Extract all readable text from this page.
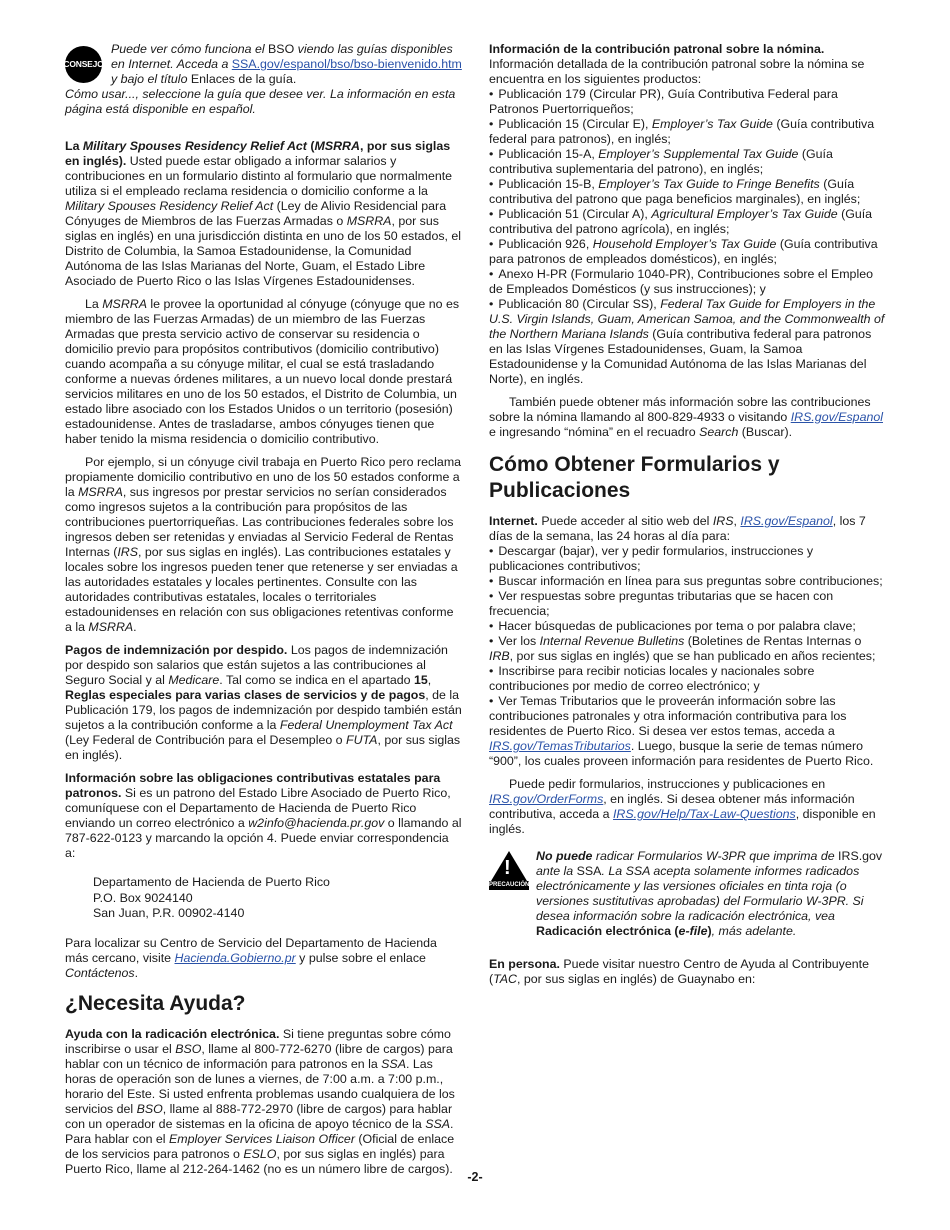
CONSEJO

Puede ver cómo funciona el BSO viendo las guías disponibles en Internet. Acceda a SSA.gov/espanol/bso/bso-bienvenido.htm y bajo el título Enlaces de la guía.

Cómo usar..., seleccione la guía que desee ver. La información en esta página está disponible en español.

La Military Spouses Residency Relief Act (MSRRA, por sus siglas en inglés). Usted puede estar obligado a informar salarios y contribuciones en un formulario distinto al formulario que normalmente utiliza si el empleado reclama residencia o domicilio conforme a la Military Spouses Residency Relief Act (Ley de Alivio Residencial para Cónyuges de Miembros de las Fuerzas Armadas o MSRRA, por sus siglas en inglés) en una jurisdicción distinta en uno de los 50 estados, el Distrito de Columbia, la Samoa Estadounidense, la Comunidad Autónoma de las Islas Marianas del Norte, Guam, el Estado Libre Asociado de Puerto Rico o las Islas Vírgenes Estadounidenses.

La MSRRA le provee la oportunidad al cónyuge (cónyuge que no es miembro de las Fuerzas Armadas) de un miembro de las Fuerzas Armadas que presta servicio activo de conservar su residencia o domicilio previo para propósitos contributivos (domicilio contributivo) cuando acompaña a su cónyuge militar, el cual se está trasladando conforme a nuevas órdenes militares, a un nuevo local donde prestará servicios militares en uno de los 50 estados, el Distrito de Columbia, un estado libre asociado con los Estados Unidos o un territorio (posesión) estadounidense. Antes de trasladarse, ambos cónyuges tienen que haber tenido la misma residencia o domicilio contributivo.

Por ejemplo, si un cónyuge civil trabaja en Puerto Rico pero reclama propiamente domicilio contributivo en uno de los 50 estados conforme a la MSRRA, sus ingresos por prestar servicios no serían considerados como ingresos sujetos a la contribución para propósitos de las contribuciones puertorriqueñas. Las contribuciones federales sobre los ingresos deben ser retenidas y enviadas al Servicio Federal de Rentas Internas (IRS, por sus siglas en inglés). Las contribuciones estatales y locales sobre los ingresos pueden tener que retenerse y ser enviadas a las autoridades estatales y locales pertinentes. Consulte con las autoridades contributivas estatales, locales o territoriales estadounidenses en relación con sus obligaciones retentivas conforme a la MSRRA.

Pagos de indemnización por despido. Los pagos de indemnización por despido son salarios que están sujetos a las contribuciones al Seguro Social y al Medicare. Tal como se indica en el apartado 15, Reglas especiales para varias clases de servicios y de pagos, de la Publicación 179, los pagos de indemnización por despido también están sujetos a la contribución conforme a la Federal Unemployment Tax Act (Ley Federal de Contribución para el Desempleo o FUTA, por sus siglas en inglés).

Información sobre las obligaciones contributivas estatales para patronos. Si es un patrono del Estado Libre Asociado de Puerto Rico, comuníquese con el Departamento de Hacienda de Puerto Rico enviando un correo electrónico a w2info@hacienda.pr.gov o llamando al 787-622-0123 y marcando la opción 4. Puede enviar correspondencia a:

Departamento de Hacienda de Puerto Rico
P.O. Box 9024140
San Juan, P.R. 00902-4140

Para localizar su Centro de Servicio del Departamento de Hacienda más cercano, visite Hacienda.Gobierno.pr y pulse sobre el enlace Contáctenos.

¿Necesita Ayuda?

Ayuda con la radicación electrónica. Si tiene preguntas sobre cómo inscribirse o usar el BSO, llame al 800-772-6270 (libre de cargos) para hablar con un técnico de información para patronos en la SSA. Las horas de operación son de lunes a viernes, de 7:00 a.m. a 7:00 p.m., horario del Este. Si usted enfrenta problemas usando cualquiera de los servicios del BSO, llame al 888-772-2970 (libre de cargos) para hablar con un operador de sistemas en la oficina de apoyo técnico de la SSA. Para hablar con el Employer Services Liaison Officer (Oficial de enlace de los servicios para patronos o ESLO, por sus siglas en inglés) para Puerto Rico, llame al 212-264-1462 (no es un número libre de cargos).

Información de la contribución patronal sobre la nómina.

Información detallada de la contribución patronal sobre la nómina se encuentra en los siguientes productos:

• Publicación 179 (Circular PR), Guía Contributiva Federal para Patronos Puertorriqueños;
• Publicación 15 (Circular E), Employer’s Tax Guide (Guía contributiva federal para patronos), en inglés;
• Publicación 15-A, Employer’s Supplemental Tax Guide (Guía contributiva suplementaria del patrono), en inglés;
• Publicación 15-B, Employer’s Tax Guide to Fringe Benefits (Guía contributiva del patrono que paga beneficios marginales), en inglés;
• Publicación 51 (Circular A), Agricultural Employer’s Tax Guide (Guía contributiva del patrono agrícola), en inglés;
• Publicación 926, Household Employer’s Tax Guide (Guía contributiva para patronos de empleados domésticos), en inglés;
• Anexo H-PR (Formulario 1040-PR), Contribuciones sobre el Empleo de Empleados Domésticos (y sus instrucciones); y
• Publicación 80 (Circular SS), Federal Tax Guide for Employers in the U.S. Virgin Islands, Guam, American Samoa, and the Commonwealth of the Northern Mariana Islands (Guía contributiva federal para patronos en las Islas Vírgenes Estadounidenses, Guam, la Samoa Estadounidense y la Comunidad Autónoma de las Islas Marianas del Norte), en inglés.

También puede obtener más información sobre las contribuciones sobre la nómina llamando al 800-829-4933 o visitando IRS.gov/Espanol e ingresando “nómina” en el recuadro Search (Buscar).

Cómo Obtener Formularios y Publicaciones

Internet. Puede acceder al sitio web del IRS, IRS.gov/Espanol, los 7 días de la semana, las 24 horas al día para:

• Descargar (bajar), ver y pedir formularios, instrucciones y publicaciones contributivos;
• Buscar información en línea para sus preguntas sobre contribuciones;
• Ver respuestas sobre preguntas tributarias que se hacen con frecuencia;
• Hacer búsquedas de publicaciones por tema o por palabra clave;
• Ver los Internal Revenue Bulletins (Boletines de Rentas Internas o IRB, por sus siglas en inglés) que se han publicado en años recientes;
• Inscribirse para recibir noticias locales y nacionales sobre contribuciones por medio de correo electrónico; y
• Ver Temas Tributarios que le proveerán información sobre las contribuciones patronales y otra información contributiva para los residentes de Puerto Rico. Si desea ver estos temas, acceda a IRS.gov/TemasTributarios. Luego, busque la serie de temas número “900”, los cuales proveen información para residentes de Puerto Rico.

Puede pedir formularios, instrucciones y publicaciones en IRS.gov/OrderForms, en inglés. Si desea obtener más información contributiva, acceda a IRS.gov/Help/Tax-Law-Questions, disponible en inglés.

!
PRECAUCIÓN

No puede radicar Formularios W-3PR que imprima de IRS.gov ante la SSA. La SSA acepta solamente informes radicados electrónicamente y las versiones oficiales en tinta roja (o versiones sustitutivas aprobadas) del Formulario W-3PR. Si desea información sobre la radicación electrónica, vea Radicación electrónica (e-file), más adelante.

En persona. Puede visitar nuestro Centro de Ayuda al Contribuyente (TAC, por sus siglas en inglés) de Guaynabo en:

-2-
